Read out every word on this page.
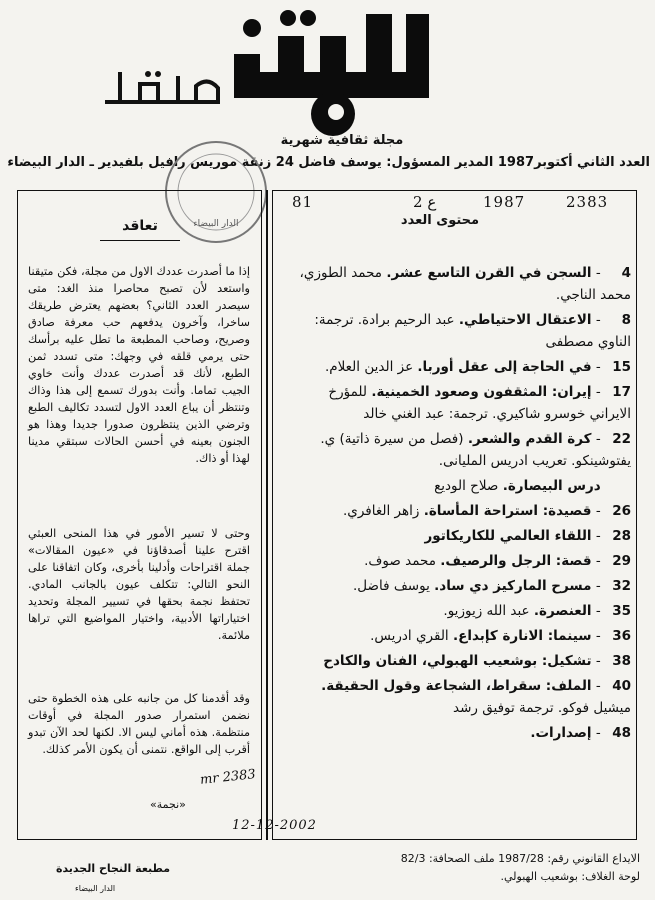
مجلة ثقافية شهرية
العدد الثاني أكتوبر1987 المدير المسؤول: يوسف فاضل 24 زنقة موريس رافيل بلفيدير ـ الدار البيضاء
الدار البيضاء
2383
1987
ع 2
81
محتوى العدد
4 - السجن في القرن التاسع عشر. محمد الطوزي، محمد الناجي.
8 - الاعتقال الاحتياطي. عبد الرحيم برادة. ترجمة: الناوي مصطفى
15 - في الحاجة إلى عقل أوربا. عز الدين العلام.
17 - إيران: المثقفون وصعود الخمينية. للمؤرخ الايراني خوسرو شاكيري. ترجمة: عبد الغني خالد
22 - كرة القدم والشعر. (فصل من سيرة ذاتية) ي. يفتوشينكو. تعريب ادريس المليانى.
درس البيصارة. صلاح الوديع
26 - قصيدة: استراحة المأساة. زاهر الغافري.
28 - اللقاء العالمي للكاريكاتور
29 - قصة: الرجل والرصيف. محمد صوف.
32 - مسرح الماركيز دي ساد. يوسف فاضل.
35 - العنصرة. عبد الله زيوزيو.
36 - سينما: الانارة كإبداع. القري ادريس.
38 - تشكيل: بوشعيب الهبولي، الفنان والكادح
40 - الملف: سقراط، الشجاعة وقول الحقيقة. ميشيل فوكو. ترجمة توفيق رشد
48 - إصدارات.
تعاقد
إذا ما أصدرت عددك الاول من مجلة، فكن متيقنا واستعد لأن تصبح محاصرا منذ الغد: متى سيصدر العدد الثاني؟ بعضهم يعترض طريقك ساخرا، وآخرون يدفعهم حب معرفة صادق وصريح، وصاحب المطبعة ما تطل عليه برأسك حتى يرمي قلقه في وجهك: متى تسدد ثمن الطبع، لأنك قد أصدرت عددك وأنت خاوي الجيب تماما. وأنت بدورك تسمع إلى هذا وذاك وتنتظر أن يباع العدد الاول لتسدد تكاليف الطبع وترضي الذين ينتظرون صدورا جديدا وهذا هو الجنون بعينه في أحسن الحالات سبتقي مدينا لهذا أو ذاك.
وحتى لا تسير الأمور في هذا المنحى العبثي اقترح علينا أصدقاؤنا في «عيون المقالات» جملة اقتراحات وأدلينا بأخرى، وكان اتفاقنا على النحو التالي: تتكلف عيون بالجانب المادي. تحتفظ نجمة بحقها في تسيير المجلة وتحديد اختياراتها الأدبية، واختيار المواضيع التي تراها ملائمة.
وقد أقدمنا كل من جانبه على هذه الخطوة حتى نضمن استمرار صدور المجلة في أوقات منتظمة. هذه أماني ليس الا. لكنها لحد الآن تبدو أقرب إلى الواقع. نتمنى أن يكون الأمر كذلك.
«نجمة»
mr 2383
12-12-2002
الايداع القانوني رقم: 1987/28 ملف الصحافة: 82/3
لوحة الغلاف: بوشعيب الهبولي.
مطبعة النجاح الجديدة
الدار البيضاء
